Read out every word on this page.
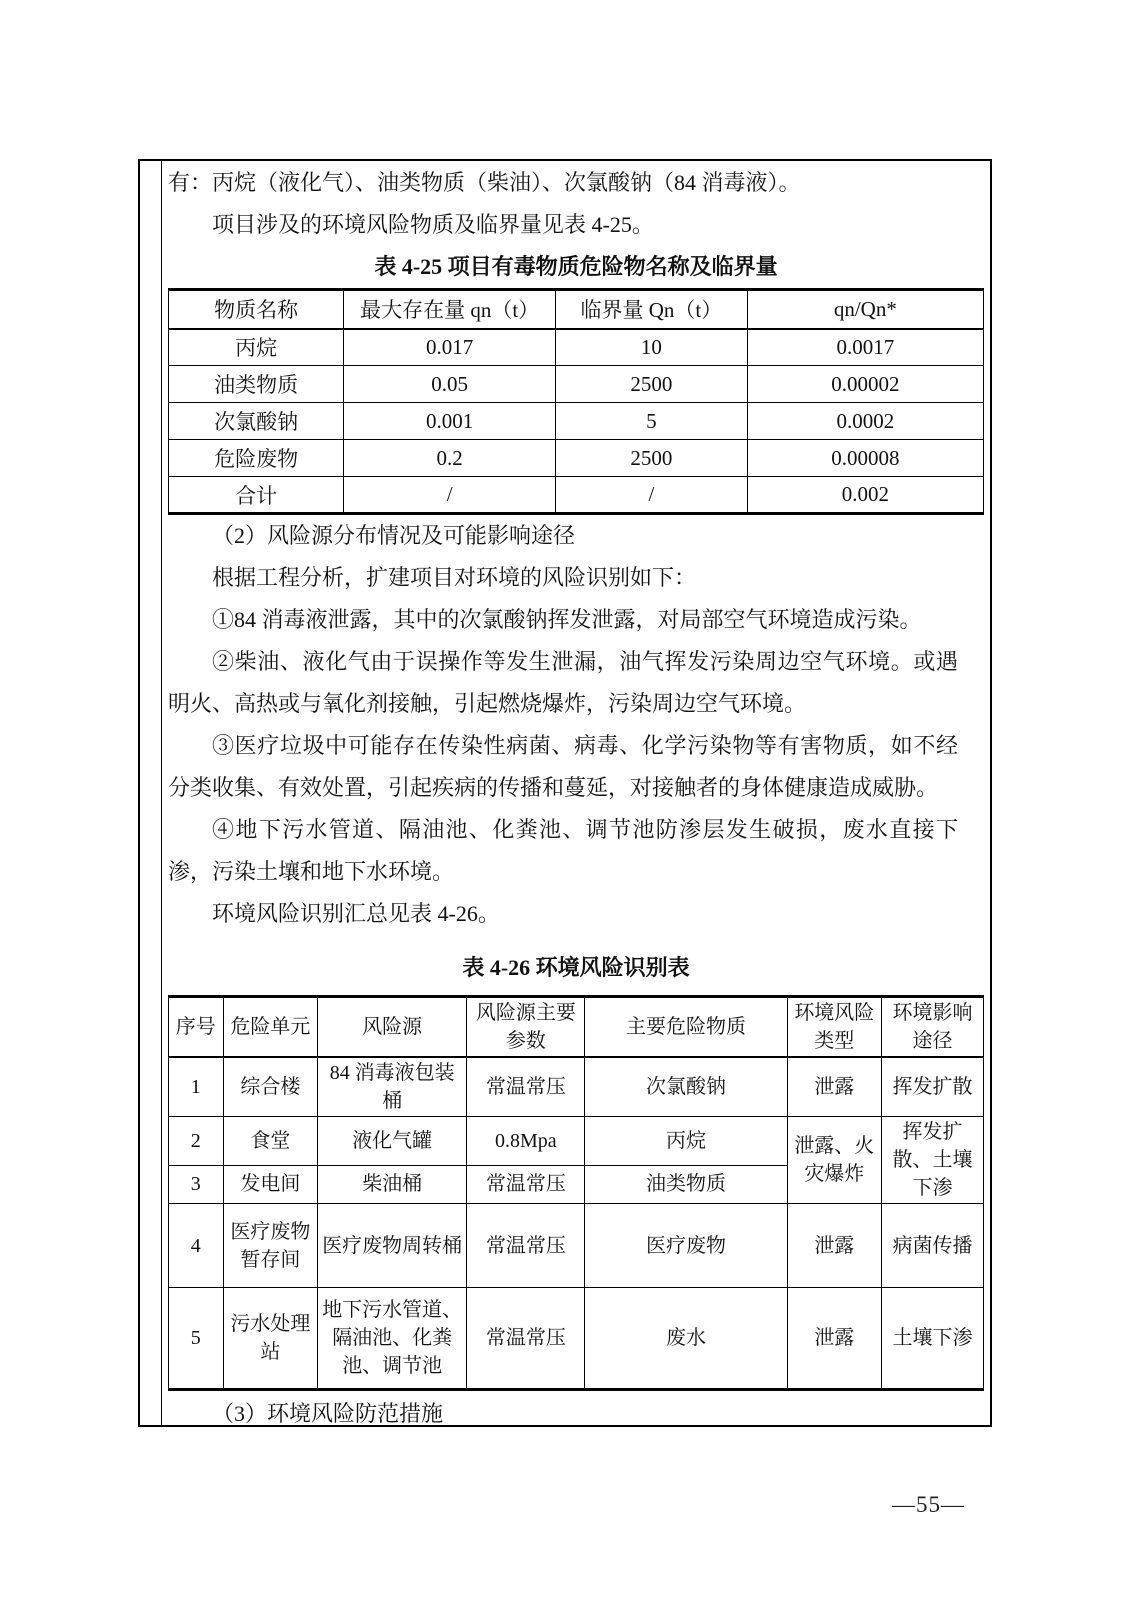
有：丙烷（液化气）、油类物质（柴油）、次氯酸钠（84 消毒液）。

项目涉及的环境风险物质及临界量见表 4-25。

表 4-25 项目有毒物质危险物名称及临界量
物质名称	最大存在量 qn（t）	临界量 Qn（t）	qn/Qn*
丙烷	0.017	10	0.0017
油类物质	0.05	2500	0.00002
次氯酸钠	0.001	5	0.0002
危险废物	0.2	2500	0.00008
合计	/	/	0.002

（2）风险源分布情况及可能影响途径

根据工程分析，扩建项目对环境的风险识别如下：

①84 消毒液泄露，其中的次氯酸钠挥发泄露，对局部空气环境造成污染。

②柴油、液化气由于误操作等发生泄漏，油气挥发污染周边空气环境。或遇明火、高热或与氧化剂接触，引起燃烧爆炸，污染周边空气环境。

③医疗垃圾中可能存在传染性病菌、病毒、化学污染物等有害物质，如不经分类收集、有效处置，引起疾病的传播和蔓延，对接触者的身体健康造成威胁。

④地下污水管道、隔油池、化粪池、调节池防渗层发生破损，废水直接下渗，污染土壤和地下水环境。

环境风险识别汇总见表 4-26。

表 4-26 环境风险识别表
序号	危险单元	风险源	风险源主要参数	主要危险物质	环境风险类型	环境影响途径
1	综合楼	84 消毒液包装桶	常温常压	次氯酸钠	泄露	挥发扩散
2	食堂	液化气罐	0.8Mpa	丙烷	泄露、火灾爆炸	挥发扩散、土壤下渗
3	发电间	柴油桶	常温常压	油类物质		
4	医疗废物暂存间	医疗废物周转桶	常温常压	医疗废物	泄露	病菌传播
5	污水处理站	地下污水管道、隔油池、化粪池、调节池	常温常压	废水	泄露	土壤下渗

（3）环境风险防范措施

—55—
